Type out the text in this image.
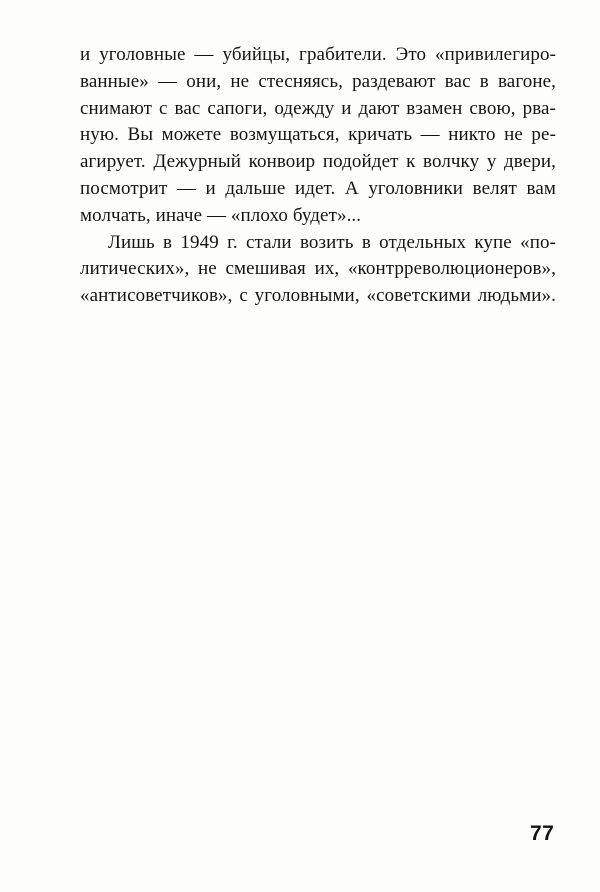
и уголовные — убийцы, грабители. Это «привилегиро-
ванные» — они, не стесняясь, раздевают вас в вагоне,
снимают с вас сапоги, одежду и дают взамен свою, рва-
ную. Вы можете возмущаться, кричать — никто не ре-
агирует. Дежурный конвоир подойдет к волчку у двери,
посмотрит — и дальше идет. А уголовники велят вам
молчать, иначе — «плохо будет»...
Лишь в 1949 г. стали возить в отдельных купе «по-
литических», не смешивая их, «контрреволюционеров»,
«антисоветчиков», с уголовными, «советскими людьми».
77
